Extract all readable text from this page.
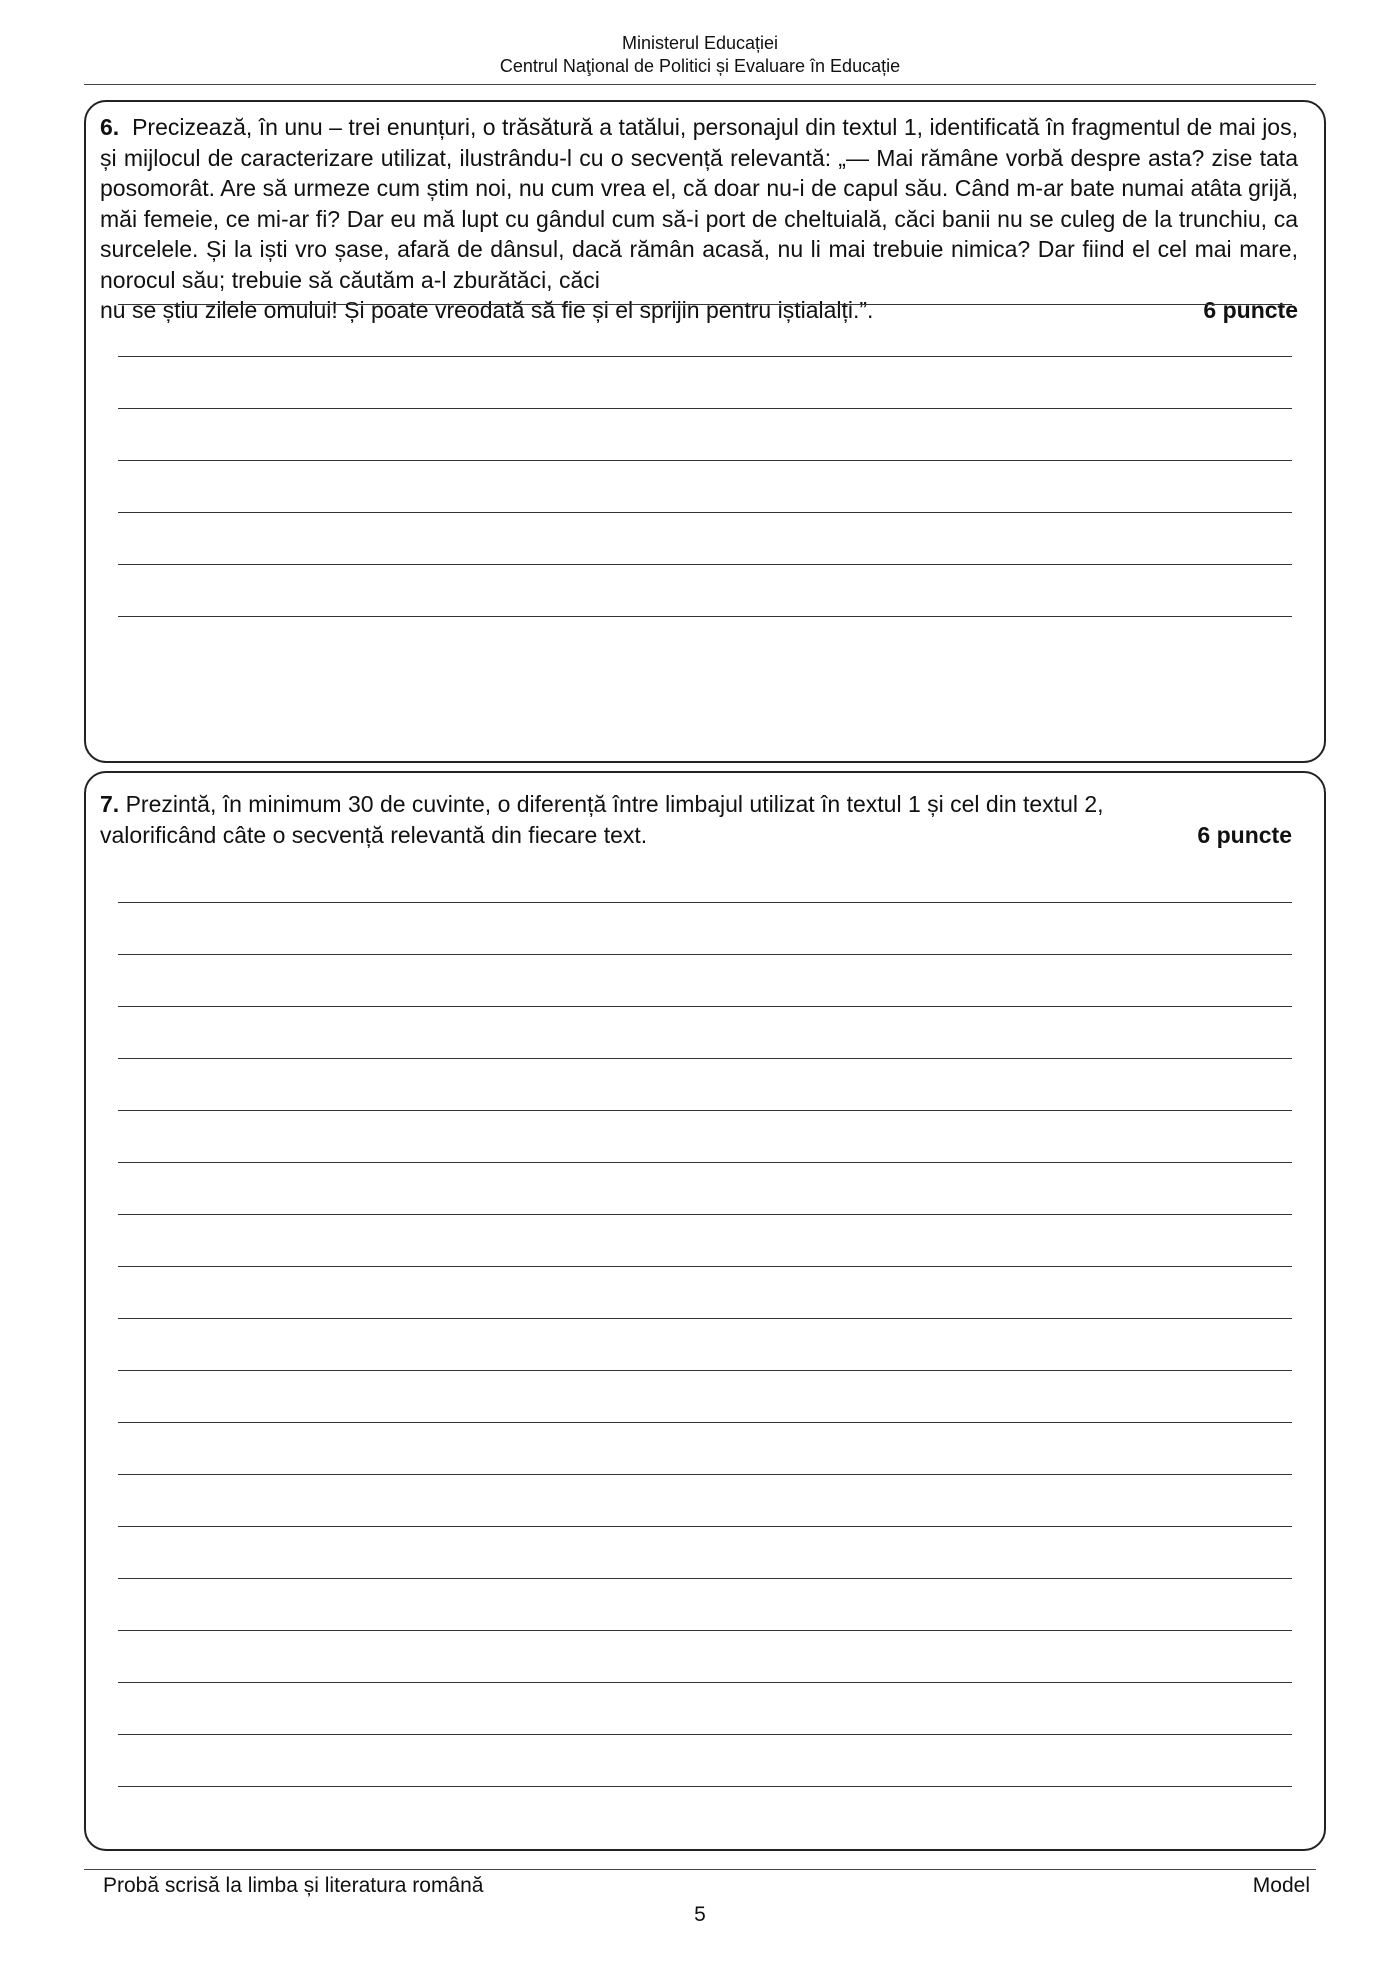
Ministerul Educației
Centrul Naţional de Politici și Evaluare în Educație
6. Precizează, în unu – trei enunțuri, o trăsătură a tatălui, personajul din textul 1, identificată în fragmentul de mai jos, și mijlocul de caracterizare utilizat, ilustrându-l cu o secvență relevantă: „— Mai rămâne vorbă despre asta? zise tata posomorât. Are să urmeze cum știm noi, nu cum vrea el, că doar nu-i de capul său. Când m-ar bate numai atâta grijă, măi femeie, ce mi-ar fi? Dar eu mă lupt cu gândul cum să-i port de cheltuială, căci banii nu se culeg de la trunchiu, ca surcelele. Și la iști vro șase, afară de dânsul, dacă rămân acasă, nu li mai trebuie nimica? Dar fiind el cel mai mare, norocul său; trebuie să căutăm a-l zburătăci, căci
nu se știu zilele omului! Și poate vreodată să fie și el sprijin pentru iștialalți.”.	6 puncte
7. Prezintă, în minimum 30 de cuvinte, o diferență între limbajul utilizat în textul 1 și cel din textul 2,
valorificând câte o secvență relevantă din fiecare text.	6 puncte
Probă scrisă la limba și literatura română	Model
5
